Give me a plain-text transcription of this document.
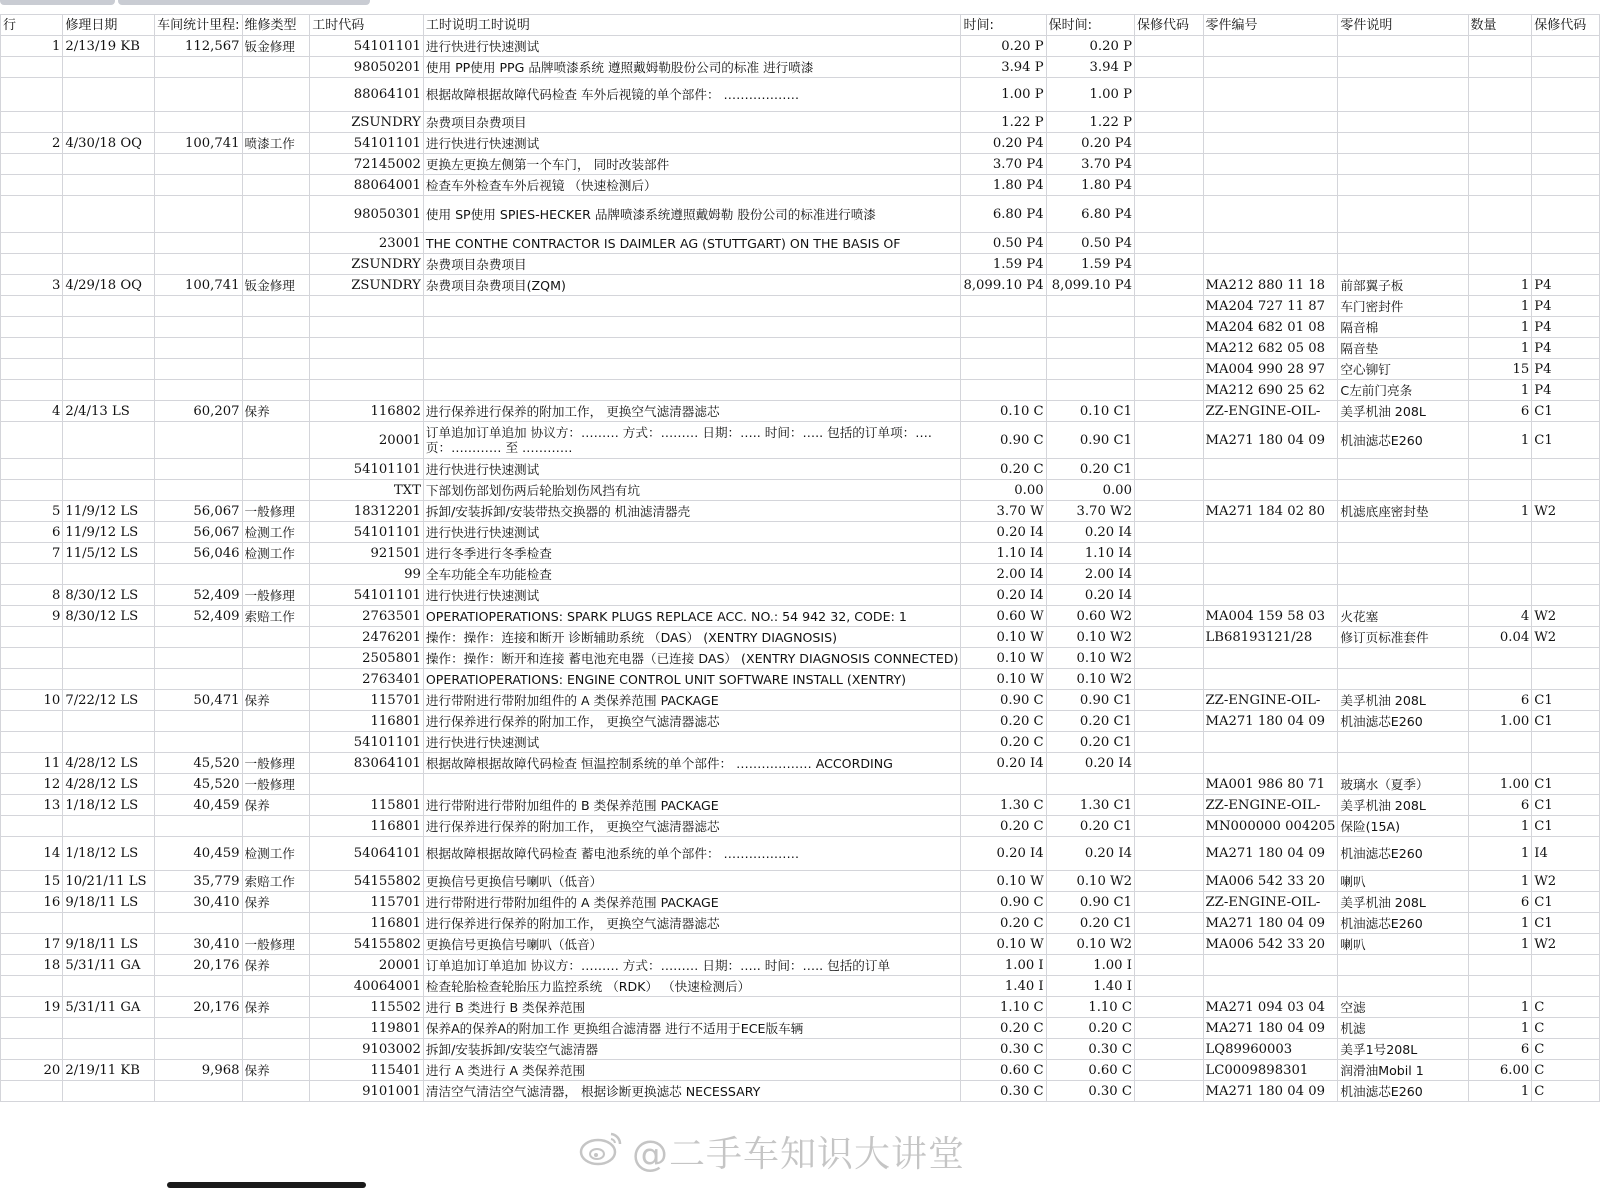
行	修理日期	车间统计里程:	维修类型	工时代码	工时说明工时说明	时间:	保时间:	保修代码	零件编号	零件说明	数量	保修代码
1	2/13/19 KB	112,567	钣金修理	54101101	进行快进行快速测试	0.20 P	0.20 P					
				98050201	使用 PP使用 PPG 品牌喷漆系统 遵照戴姆勒股份公司的标准 进行喷漆	3.94 P	3.94 P					
				88064101	根据故障根据故障代码检查 车外后视镜的单个部件： ………………	1.00 P	1.00 P					
				ZSUNDRY	杂费项目杂费项目	1.22 P	1.22 P					
2	4/30/18 OQ	100,741	喷漆工作	54101101	进行快进行快速测试	0.20 P4	0.20 P4					
				72145002	更换左更换左侧第一个车门， 同时改装部件	3.70 P4	3.70 P4					
				88064001	检查车外检查车外后视镜 （快速检测后）	1.80 P4	1.80 P4					
				98050301	使用 SP使用 SPIES-HECKER 品牌喷漆系统遵照戴姆勒 股份公司的标准进行喷漆	6.80 P4	6.80 P4					
				23001	THE CONTHE CONTRACTOR IS DAIMLER AG (STUTTGART) ON THE BASIS OF	0.50 P4	0.50 P4					
				ZSUNDRY	杂费项目杂费项目	1.59 P4	1.59 P4					
3	4/29/18 OQ	100,741	钣金修理	ZSUNDRY	杂费项目杂费项目(ZQM)	8,099.10 P4	8,099.10 P4		MA212 880 11 18	前部翼子板	1	P4
									MA204 727 11 87	车门密封件	1	P4
									MA204 682 01 08	隔音棉	1	P4
									MA212 682 05 08	隔音垫	1	P4
									MA004 990 28 97	空心铆钉	15	P4
									MA212 690 25 62	C左前门亮条	1	P4
4	2/4/13 LS	60,207	保养	116802	进行保养进行保养的附加工作， 更换空气滤清器滤芯	0.10 C	0.10 C1		ZZ-ENGINE-OIL-	美孚机油 208L	6	C1
				20001	订单追加订单追加 协议方：……… 方式：……… 日期：….. 时间：….. 包括的订单项：….页：………… 至 …………	0.90 C	0.90 C1		MA271 180 04 09	机油滤芯E260	1	C1
				54101101	进行快进行快速测试	0.20 C	0.20 C1					
				TXT	下部划伤部划伤两后轮胎划伤风挡有坑	0.00	0.00					
5	11/9/12 LS	56,067	一般修理	18312201	拆卸/安装拆卸/安装带热交换器的 机油滤清器壳	3.70 W	3.70 W2		MA271 184 02 80	机滤底座密封垫	1	W2
6	11/9/12 LS	56,067	检测工作	54101101	进行快进行快速测试	0.20 I4	0.20 I4					
7	11/5/12 LS	56,046	检测工作	921501	进行冬季进行冬季检查	1.10 I4	1.10 I4					
				99	全车功能全车功能检查	2.00 I4	2.00 I4					
8	8/30/12 LS	52,409	一般修理	54101101	进行快进行快速测试	0.20 I4	0.20 I4					
9	8/30/12 LS	52,409	索赔工作	2763501	OPERATIOPERATIONS: SPARK PLUGS REPLACE ACC. NO.: 54 942 32, CODE: 1	0.60 W	0.60 W2		MA004 159 58 03	火花塞	4	W2
				2476201	操作：操作：连接和断开 诊断辅助系统 （DAS） (XENTRY DIAGNOSIS)	0.10 W	0.10 W2		LB68193121/28	修订页标准套件	0.04	W2
				2505801	操作：操作：断开和连接 蓄电池充电器（已连接 DAS） (XENTRY DIAGNOSIS CONNECTED)	0.10 W	0.10 W2					
				2763401	OPERATIOPERATIONS: ENGINE CONTROL UNIT SOFTWARE INSTALL (XENTRY)	0.10 W	0.10 W2					
10	7/22/12 LS	50,471	保养	115701	进行带附进行带附加组件的 A 类保养范围 PACKAGE	0.90 C	0.90 C1		ZZ-ENGINE-OIL-	美孚机油 208L	6	C1
				116801	进行保养进行保养的附加工作， 更换空气滤清器滤芯	0.20 C	0.20 C1		MA271 180 04 09	机油滤芯E260	1.00	C1
				54101101	进行快进行快速测试	0.20 C	0.20 C1					
11	4/28/12 LS	45,520	一般修理	83064101	根据故障根据故障代码检查 恒温控制系统的单个部件： ……………… ACCORDING	0.20 I4	0.20 I4					
12	4/28/12 LS	45,520	一般修理						MA001 986 80 71	玻璃水（夏季）	1.00	C1
13	1/18/12 LS	40,459	保养	115801	进行带附进行带附加组件的 B 类保养范围 PACKAGE	1.30 C	1.30 C1		ZZ-ENGINE-OIL-	美孚机油 208L	6	C1
				116801	进行保养进行保养的附加工作， 更换空气滤清器滤芯	0.20 C	0.20 C1		MN000000 004205	保险(15A)	1	C1
14	1/18/12 LS	40,459	检测工作	54064101	根据故障根据故障代码检查 蓄电池系统的单个部件： ………………	0.20 I4	0.20 I4		MA271 180 04 09	机油滤芯E260	1	I4
15	10/21/11 LS	35,779	索赔工作	54155802	更换信号更换信号喇叭（低音）	0.10 W	0.10 W2		MA006 542 33 20	喇叭	1	W2
16	9/18/11 LS	30,410	保养	115701	进行带附进行带附加组件的 A 类保养范围 PACKAGE	0.90 C	0.90 C1		ZZ-ENGINE-OIL-	美孚机油 208L	6	C1
				116801	进行保养进行保养的附加工作， 更换空气滤清器滤芯	0.20 C	0.20 C1		MA271 180 04 09	机油滤芯E260	1	C1
17	9/18/11 LS	30,410	一般修理	54155802	更换信号更换信号喇叭（低音）	0.10 W	0.10 W2		MA006 542 33 20	喇叭	1	W2
18	5/31/11 GA	20,176	保养	20001	订单追加订单追加 协议方：……… 方式：……… 日期：….. 时间：….. 包括的订单	1.00 I	1.00 I					
				40064001	检查轮胎检查轮胎压力监控系统 （RDK） （快速检测后）	1.40 I	1.40 I					
19	5/31/11 GA	20,176	保养	115502	进行 B 类进行 B 类保养范围	1.10 C	1.10 C		MA271 094 03 04	空滤	1	C
				119801	保养A的保养A的附加工作 更换组合滤清器 进行不适用于ECE版车辆	0.20 C	0.20 C		MA271 180 04 09	机滤	1	C
				9103002	拆卸/安装拆卸/安装空气滤清器	0.30 C	0.30 C		LQ89960003	美孚1号208L	6	C
20	2/19/11 KB	9,968	保养	115401	进行 A 类进行 A 类保养范围	0.60 C	0.60 C		LC0009898301	润滑油Mobil 1	6.00	C
				9101001	清洁空气清洁空气滤清器， 根据诊断更换滤芯 NECESSARY	0.30 C	0.30 C		MA271 180 04 09	机油滤芯E260	1	C
@二手车知识大讲堂
